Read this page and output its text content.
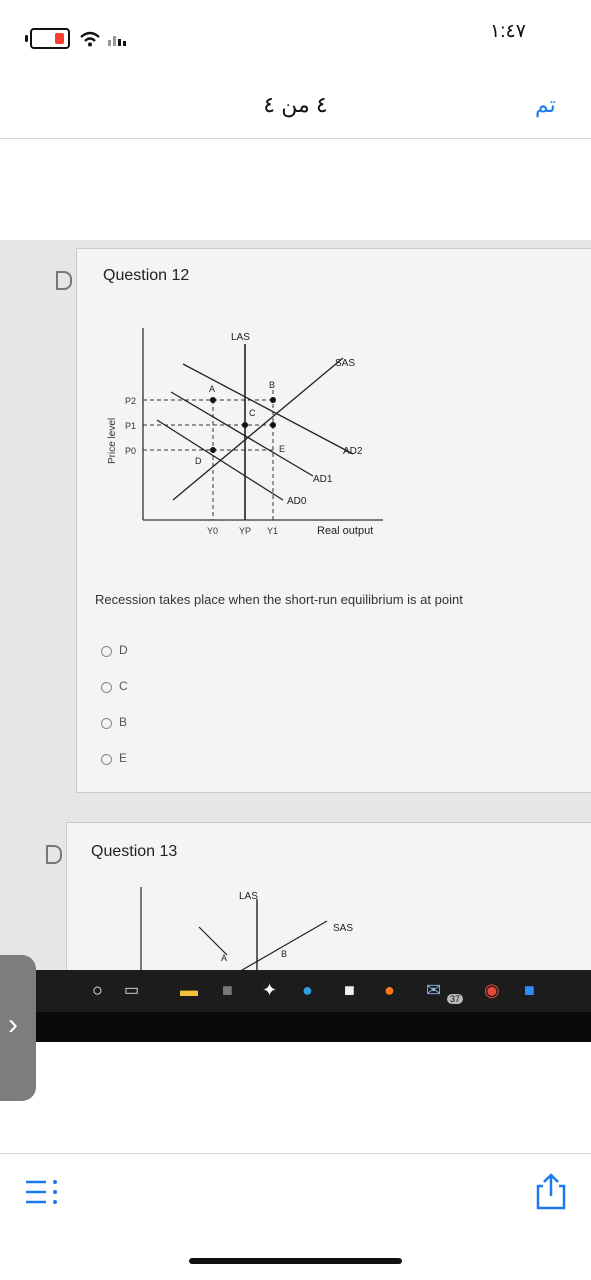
١:٤٧
٤ من ٤	تم
Question 12
Price level
P2
P1
P0
LAS
SAS
AD2
AD1
AD0
A	B
C
D
E
Y0 YP Y1	Real output
Recession takes place when the short-run equilibrium is at point
D
C
B
E
Question 13
LAS
SAS
A	B
○ ▭ ▬ ■ ✦ ● ■ ● ✉ 37 ◉ ■
›
